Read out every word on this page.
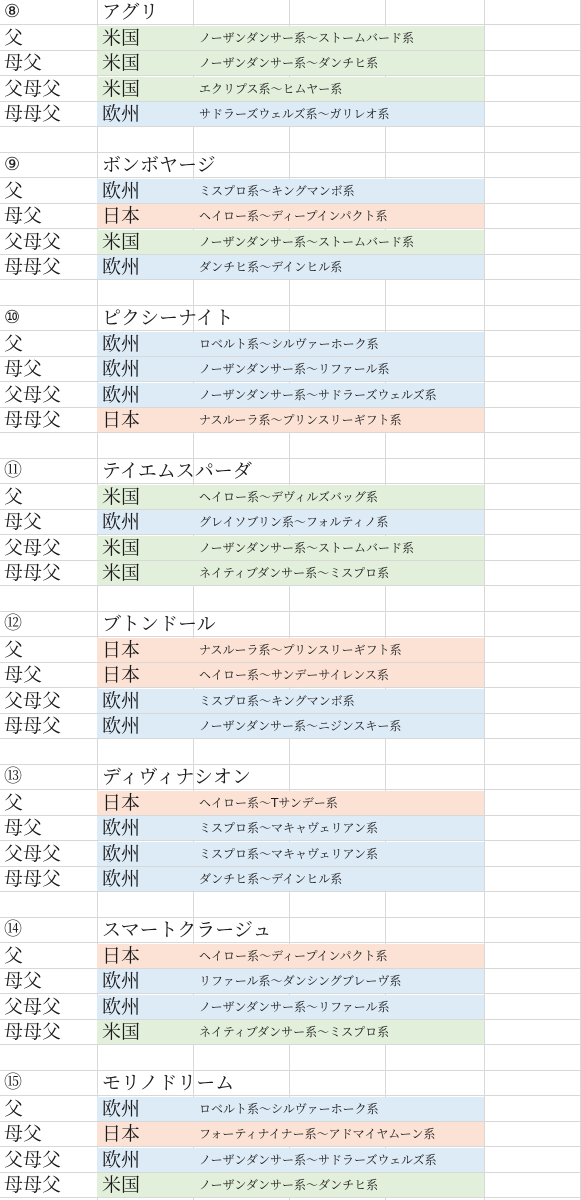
⑧	アグリ
父	米国	ノーザンダンサー系～ストームバード系
母父	米国	ノーザンダンサー系～ダンチヒ系
父母父	米国	エクリプス系～ヒムヤー系
母母父	欧州	サドラーズウェルズ系～ガリレオ系
⑨	ボンボヤージ
父	欧州	ミスプロ系～キングマンボ系
母父	日本	ヘイロー系～ディープインパクト系
父母父	米国	ノーザンダンサー系～ストームバード系
母母父	欧州	ダンチヒ系～デインヒル系
⑩	ピクシーナイト
父	欧州	ロベルト系～シルヴァーホーク系
母父	欧州	ノーザンダンサー系～リファール系
父母父	欧州	ノーザンダンサー系～サドラーズウェルズ系
母母父	日本	ナスルーラ系～プリンスリーギフト系
⑪	テイエムスパーダ
父	米国	ヘイロー系～デヴィルズバッグ系
母父	欧州	グレイソブリン系～フォルティノ系
父母父	米国	ノーザンダンサー系～ストームバード系
母母父	米国	ネイティブダンサー系～ミスプロ系
⑫	ブトンドール
父	日本	ナスルーラ系～プリンスリーギフト系
母父	日本	ヘイロー系～サンデーサイレンス系
父母父	欧州	ミスプロ系～キングマンボ系
母母父	欧州	ノーザンダンサー系～ニジンスキー系
⑬	ディヴィナシオン
父	日本	ヘイロー系～Tサンデー系
母父	欧州	ミスプロ系～マキャヴェリアン系
父母父	欧州	ミスプロ系～マキャヴェリアン系
母母父	欧州	ダンチヒ系～デインヒル系
⑭	スマートクラージュ
父	日本	ヘイロー系～ディープインパクト系
母父	欧州	リファール系～ダンシングブレーヴ系
父母父	欧州	ノーザンダンサー系～リファール系
母母父	米国	ネイティブダンサー系～ミスプロ系
⑮	モリノドリーム
父	欧州	ロベルト系～シルヴァーホーク系
母父	日本	フォーティナイナー系～アドマイヤムーン系
父母父	欧州	ノーザンダンサー系～サドラーズウェルズ系
母母父	米国	ノーザンダンサー系～ダンチヒ系
